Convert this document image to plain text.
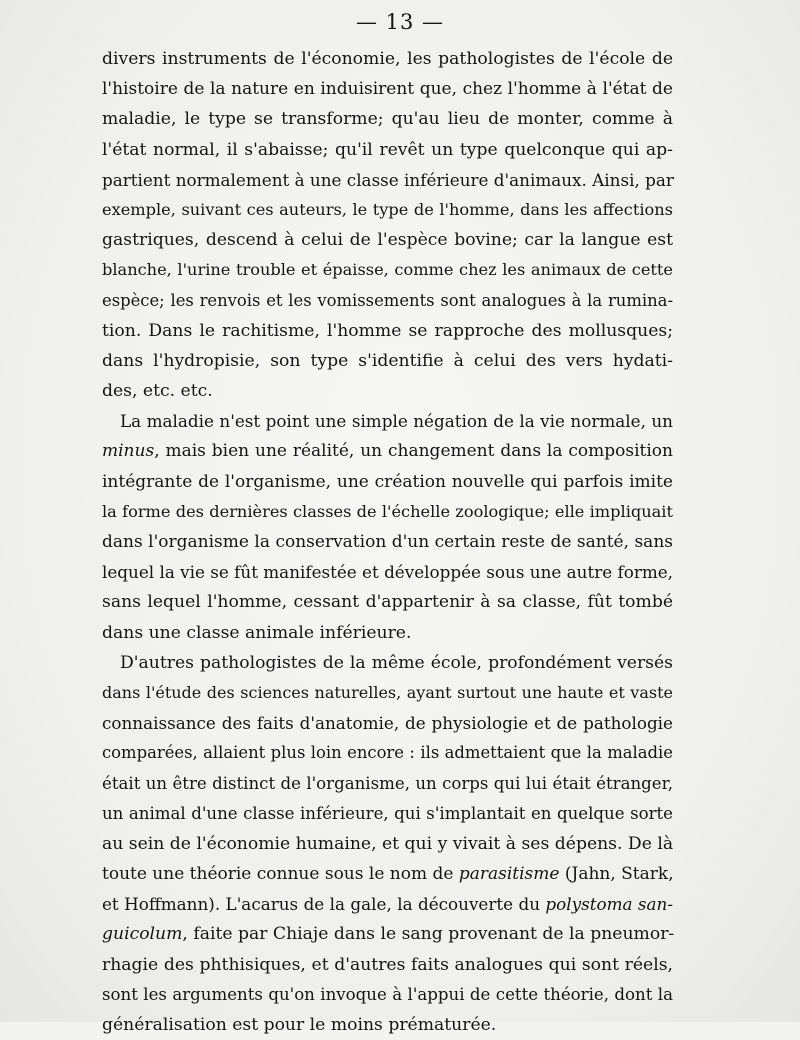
— 13 —
divers instruments de l'économie, les pathologistes de l'école de
l'histoire de la nature en induisirent que, chez l'homme à l'état de
maladie, le type se transforme; qu'au lieu de monter, comme à
l'état normal, il s'abaisse; qu'il revêt un type quelconque qui ap-
partient normalement à une classe inférieure d'animaux. Ainsi, par
exemple, suivant ces auteurs, le type de l'homme, dans les affections
gastriques, descend à celui de l'espèce bovine; car la langue est
blanche, l'urine trouble et épaisse, comme chez les animaux de cette
espèce; les renvois et les vomissements sont analogues à la rumina-
tion. Dans le rachitisme, l'homme se rapproche des mollusques;
dans l'hydropisie, son type s'identifie à celui des vers hydati-
des, etc. etc.
La maladie n'est point une simple négation de la vie normale, un
minus, mais bien une réalité, un changement dans la composition
intégrante de l'organisme, une création nouvelle qui parfois imite
la forme des dernières classes de l'échelle zoologique; elle impliquait
dans l'organisme la conservation d'un certain reste de santé, sans
lequel la vie se fût manifestée et développée sous une autre forme,
sans lequel l'homme, cessant d'appartenir à sa classe, fût tombé
dans une classe animale inférieure.
D'autres pathologistes de la même école, profondément versés
dans l'étude des sciences naturelles, ayant surtout une haute et vaste
connaissance des faits d'anatomie, de physiologie et de pathologie
comparées, allaient plus loin encore : ils admettaient que la maladie
était un être distinct de l'organisme, un corps qui lui était étranger,
un animal d'une classe inférieure, qui s'implantait en quelque sorte
au sein de l'économie humaine, et qui y vivait à ses dépens. De là
toute une théorie connue sous le nom de parasitisme (Jahn, Stark,
et Hoffmann). L'acarus de la gale, la découverte du polystoma san-
guicolum, faite par Chiaje dans le sang provenant de la pneumor-
rhagie des phthisiques, et d'autres faits analogues qui sont réels,
sont les arguments qu'on invoque à l'appui de cette théorie, dont la
généralisation est pour le moins prématurée.
